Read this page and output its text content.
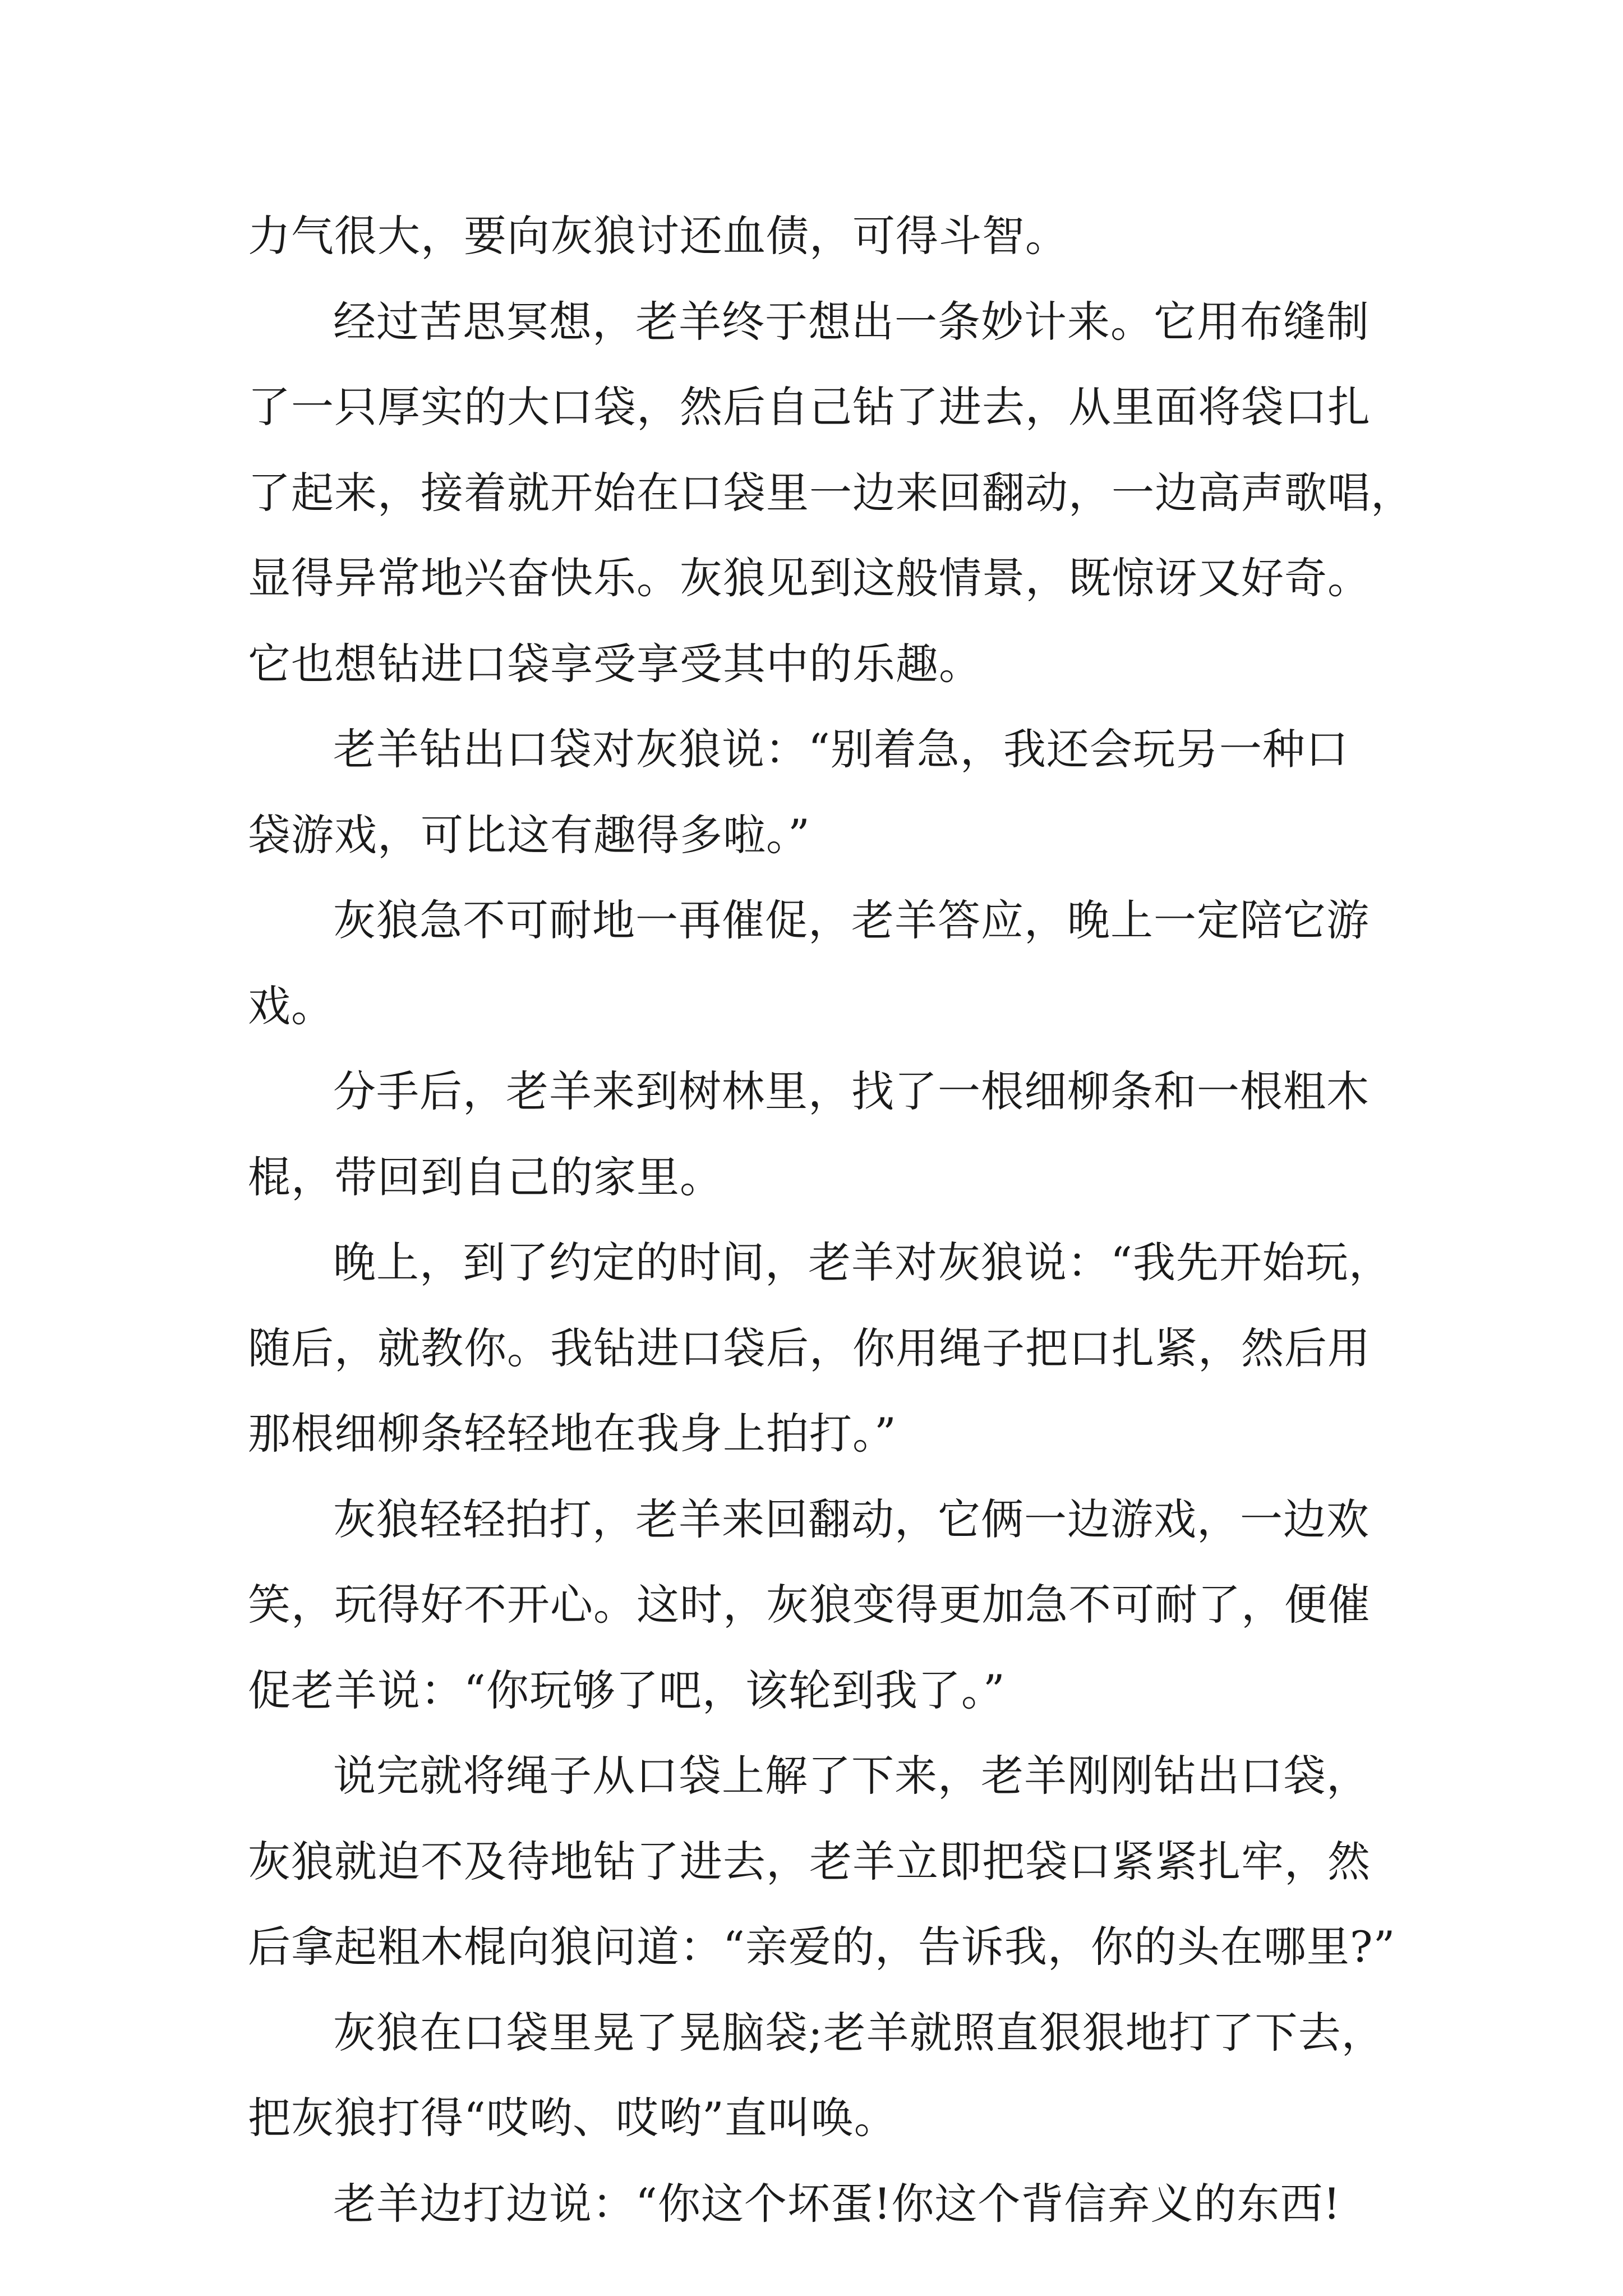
力气很大，要向灰狼讨还血债，可得斗智。
经过苦思冥想，老羊终于想出一条妙计来。它用布缝制
了一只厚实的大口袋，然后自己钻了进去，从里面将袋口扎
了起来，接着就开始在口袋里一边来回翻动，一边高声歌唱，
显得异常地兴奋快乐。灰狼见到这般情景，既惊讶又好奇。
它也想钻进口袋享受享受其中的乐趣。
老羊钻出口袋对灰狼说：“别着急，我还会玩另一种口
袋游戏，可比这有趣得多啦。”
灰狼急不可耐地一再催促，老羊答应，晚上一定陪它游
戏。
分手后，老羊来到树林里，找了一根细柳条和一根粗木
棍，带回到自己的家里。
晚上，到了约定的时间，老羊对灰狼说：“我先开始玩，
随后，就教你。我钻进口袋后，你用绳子把口扎紧，然后用
那根细柳条轻轻地在我身上拍打。”
灰狼轻轻拍打，老羊来回翻动，它俩一边游戏，一边欢
笑，玩得好不开心。这时，灰狼变得更加急不可耐了，便催
促老羊说：“你玩够了吧，该轮到我了。”
说完就将绳子从口袋上解了下来，老羊刚刚钻出口袋，
灰狼就迫不及待地钻了进去，老羊立即把袋口紧紧扎牢，然
后拿起粗木棍向狼问道：“亲爱的，告诉我，你的头在哪里?”
灰狼在口袋里晃了晃脑袋;老羊就照直狠狠地打了下去，
把灰狼打得“哎哟、哎哟”直叫唤。
老羊边打边说：“你这个坏蛋!你这个背信弃义的东西!
